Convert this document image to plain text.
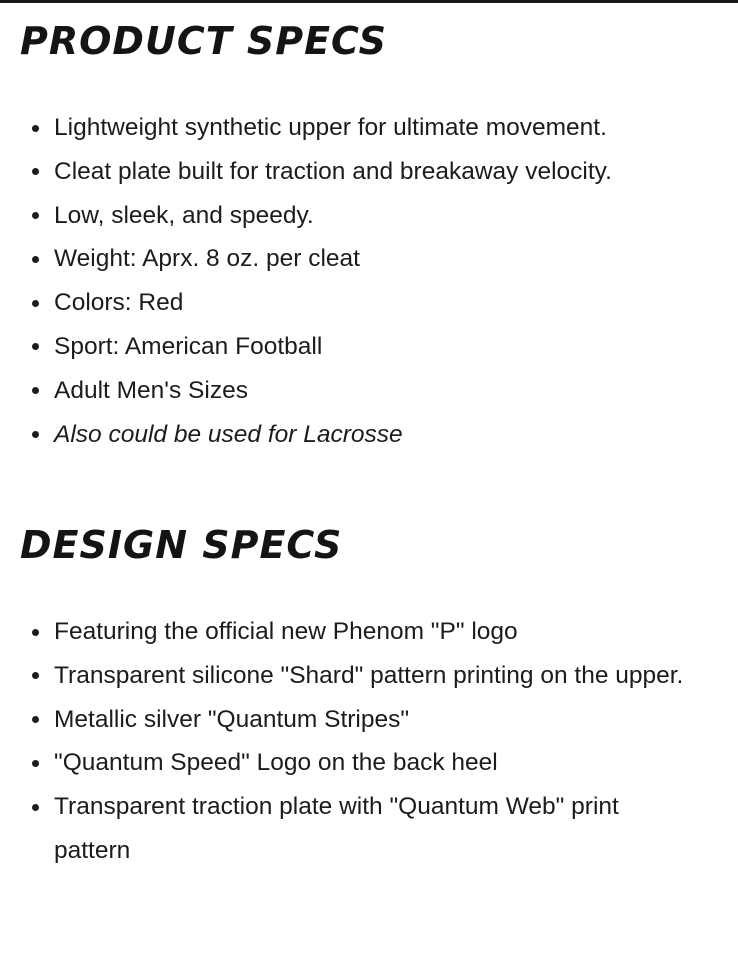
PRODUCT SPECS
Lightweight synthetic upper for ultimate movement.
Cleat plate built for traction and breakaway velocity.
Low, sleek, and speedy.
Weight: Aprx. 8 oz. per cleat
Colors: Red
Sport: American Football
Adult Men's Sizes
Also could be used for Lacrosse
DESIGN SPECS
Featuring the official new Phenom "P" logo
Transparent silicone "Shard" pattern printing on the upper.
Metallic silver "Quantum Stripes"
"Quantum Speed" Logo on the back heel
Transparent traction plate with "Quantum Web" print pattern
